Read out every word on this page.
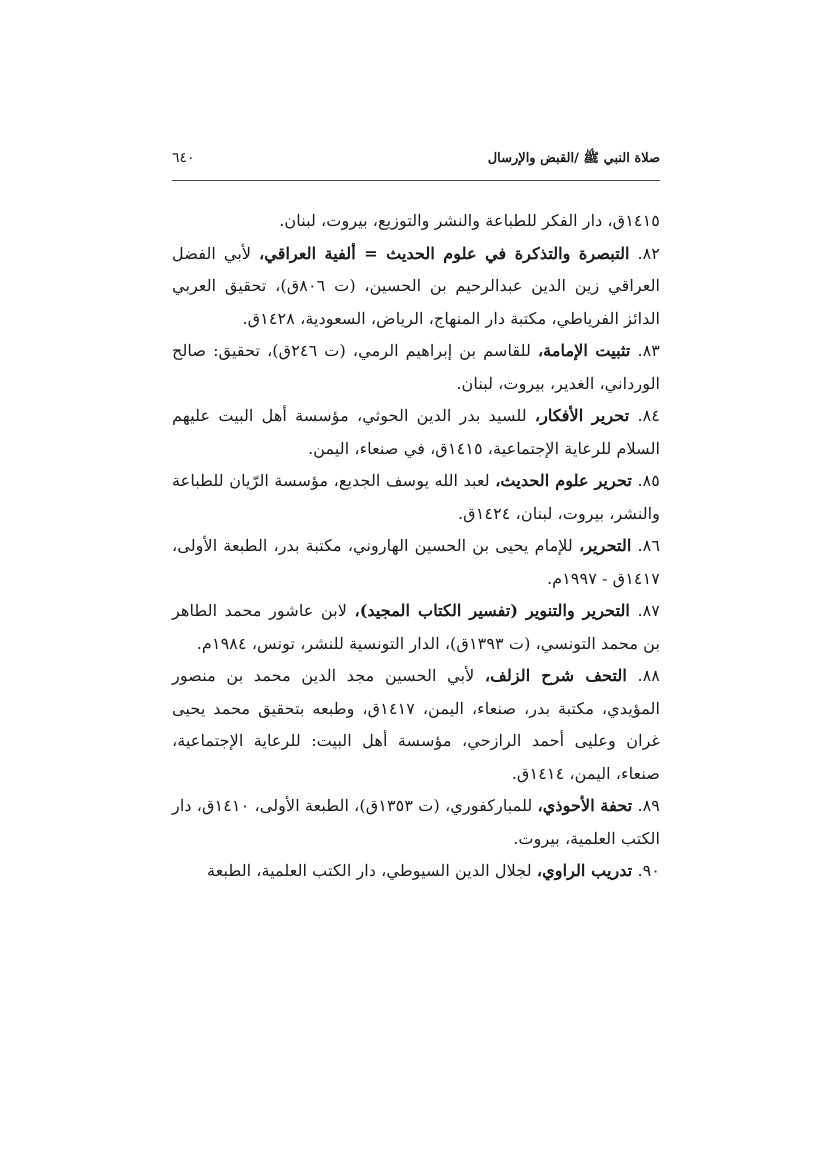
صلاة النبي ﷺ /القبض والإرسال
٦٤٠

١٤١٥ق، دار الفكر للطباعة والنشر والتوزيع، بيروت، لبنان.

٨٢. التبصرة والتذكرة في علوم الحديث = ألفية العراقي، لأبي الفضل العراقي زين الدين عبدالرحيم بن الحسين، (ت ٨٠٦ق)، تحقيق العربي الدائز الفرياطي، مكتبة دار المنهاج، الرياض، السعودية، ١٤٢٨ق.

٨٣. تثبيت الإمامة، للقاسم بن إبراهيم الرمي، (ت ٢٤٦ق)، تحقيق: صالح الورداني، الغدير، بيروت، لبنان.

٨٤. تحرير الأفكار، للسيد بدر الدين الحوثي، مؤسسة أهل البيت عليهم السلام للرعاية الإجتماعية، ١٤١٥ق، في صنعاء، اليمن.

٨٥. تحرير علوم الحديث، لعبد الله يوسف الجديع، مؤسسة الرّيان للطباعة والنشر، بيروت، لبنان، ١٤٢٤ق.

٨٦. التحرير، للإمام يحيى بن الحسين الهاروني، مكتبة بدر، الطبعة الأولى، ١٤١٧ق - ١٩٩٧م.

٨٧. التحرير والتنوير (تفسير الكتاب المجيد)، لابن عاشور محمد الطاهر بن محمد التونسي، (ت ١٣٩٣ق)، الدار التونسية للنشر، تونس، ١٩٨٤م.

٨٨. التحف شرح الزلف، لأبي الحسين مجد الدين محمد بن منصور المؤيدي، مكتبة بدر، صنعاء، اليمن، ١٤١٧ق، وطبعه بتحقيق محمد يحيى غران وعليى أحمد الرازحي، مؤسسة أهل البيت: للرعاية الإجتماعية، صنعاء، اليمن، ١٤١٤ق.

٨٩. تحفة الأحوذي، للمباركفوري، (ت ١٣٥٣ق)، الطبعة الأولى، ١٤١٠ق، دار الكتب العلمية، بيروت.

٩٠. تدريب الراوي، لجلال الدين السيوطي، دار الكتب العلمية، الطبعة
